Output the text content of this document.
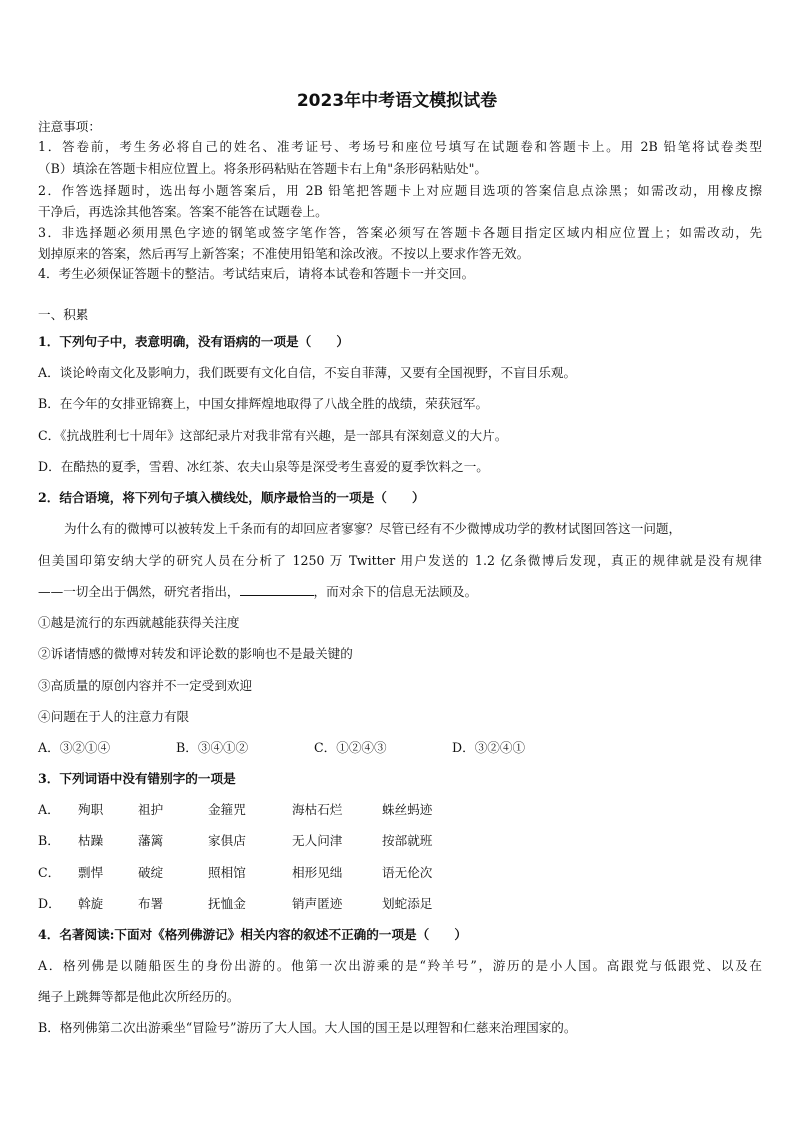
2023年中考语文模拟试卷
注意事项：
1．答卷前，考生务必将自己的姓名、准考证号、考场号和座位号填写在试题卷和答题卡上。用 2B 铅笔将试卷类型
（B）填涂在答题卡相应位置上。将条形码粘贴在答题卡右上角"条形码粘贴处"。
2．作答选择题时，选出每小题答案后，用 2B 铅笔把答题卡上对应题目选项的答案信息点涂黑；如需改动，用橡皮擦
干净后，再选涂其他答案。答案不能答在试题卷上。
3．非选择题必须用黑色字迹的钢笔或签字笔作答，答案必须写在答题卡各题目指定区域内相应位置上；如需改动，先
划掉原来的答案，然后再写上新答案；不准使用铅笔和涂改液。不按以上要求作答无效。
4．考生必须保证答题卡的整洁。考试结束后，请将本试卷和答题卡一并交回。
一、积累
1．下列句子中，表意明确，没有语病的一项是（　　）
A．谈论岭南文化及影响力，我们既要有文化自信，不妄自菲薄，又要有全国视野，不盲目乐观。
B．在今年的女排亚锦赛上，中国女排辉煌地取得了八战全胜的战绩，荣获冠军。
C．《抗战胜利七十周年》这部纪录片对我非常有兴趣，是一部具有深刻意义的大片。
D．在酷热的夏季，雪碧、冰红茶、农夫山泉等是深受考生喜爱的夏季饮料之一。
2．结合语境，将下列句子填入横线处，顺序最恰当的一项是（　　）
为什么有的微博可以被转发上千条而有的却回应者寥寥？尽管已经有不少微博成功学的教材试图回答这一问题，
但美国印第安纳大学的研究人员在分析了 1250 万 Twitter 用户发送的 1.2 亿条微博后发现，真正的规律就是没有规律
——一切全出于偶然，研究者指出，	，而对余下的信息无法顾及。
①越是流行的东西就越能获得关注度
②诉诸情感的微博对转发和评论数的影响也不是最关键的
③高质量的原创内容并不一定受到欢迎
④问题在于人的注意力有限
A．③②①④	B．③④①②	C．①②④③	D．③②④①
3．下列词语中没有错别字的一项是
A． 殉职	祖护	金箍咒	海枯石烂	蛛丝蚂迹
B． 枯躁	藩篱	家俱店	无人问津	按部就班
C． 剽悍	破绽	照相馆	相形见绌	语无伦次
D． 斡旋	布署	抚恤金	销声匿迹	划蛇添足
4．名著阅读:下面对《格列佛游记》相关内容的叙述不正确的一项是（　　）
A．格列佛是以随船医生的身份出游的。他第一次出游乘的是“羚羊号”，游历的是小人国。高跟党与低跟党、以及在
绳子上跳舞等都是他此次所经历的。
B．格列佛第二次出游乘坐“冒险号”游历了大人国。大人国的国王是以理智和仁慈来治理国家的。
